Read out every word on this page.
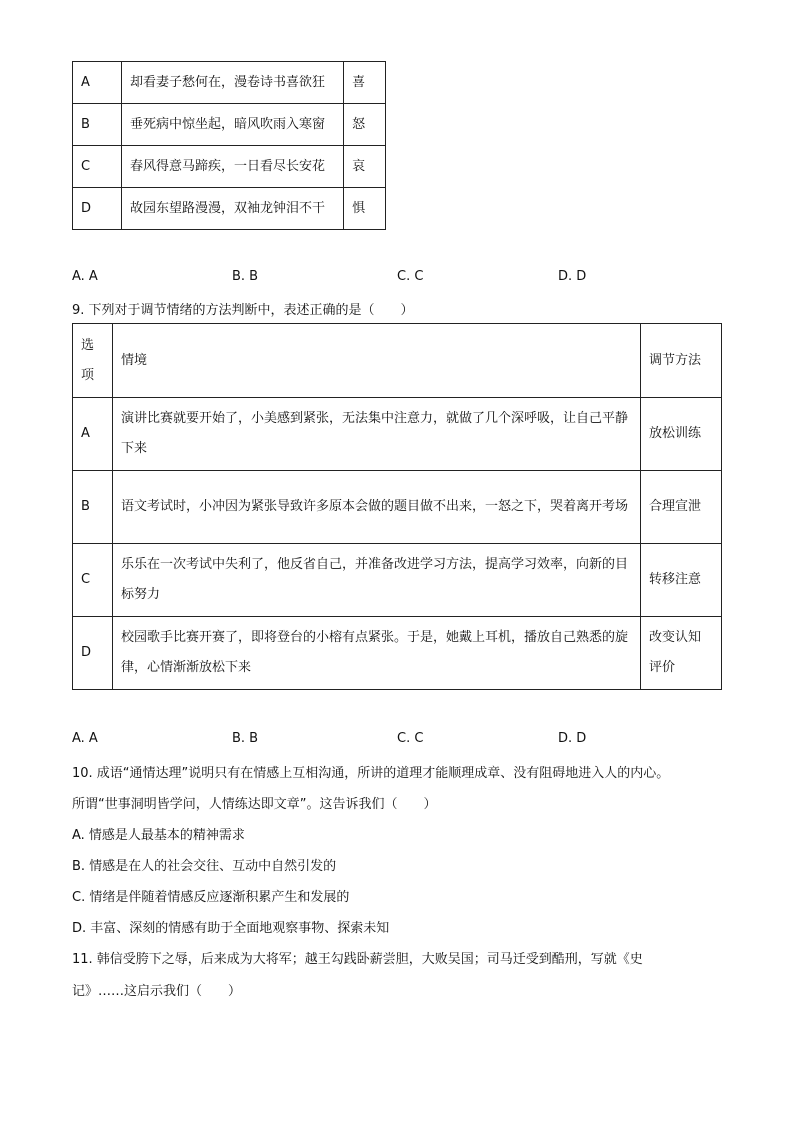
A	却看妻子愁何在，漫卷诗书喜欲狂	喜
B	垂死病中惊坐起，暗风吹雨入寒窗	怒
C	春风得意马蹄疾，一日看尽长安花	哀
D	故园东望路漫漫，双袖龙钟泪不干	惧
A. A	B. B	C. C	D. D
9. 下列对于调节情绪的方法判断中，表述正确的是（　　）
选项	情境	调节方法
A	演讲比赛就要开始了，小美感到紧张，无法集中注意力，就做了几个深呼吸，让自己平静下来	放松训练
B	语文考试时，小冲因为紧张导致许多原本会做的题目做不出来，一怒之下，哭着离开考场	合理宣泄
C	乐乐在一次考试中失利了，他反省自己，并准备改进学习方法，提高学习效率，向新的目标努力	转移注意
D	校园歌手比赛开赛了，即将登台的小榕有点紧张。于是，她戴上耳机，播放自己熟悉的旋律，心情渐渐放松下来	改变认知评价
A. A	B. B	C. C	D. D
10. 成语“通情达理”说明只有在情感上互相沟通，所讲的道理才能顺理成章、没有阻碍地进入人的内心。
所谓“世事洞明皆学问，人情练达即文章”。这告诉我们（　　）
A. 情感是人最基本的精神需求
B. 情感是在人的社会交往、互动中自然引发的
C. 情绪是伴随着情感反应逐渐积累产生和发展的
D. 丰富、深刻的情感有助于全面地观察事物、探索未知
11. 韩信受胯下之辱，后来成为大将军；越王勾践卧薪尝胆，大败吴国；司马迁受到酷刑，写就《史
记》……这启示我们（　　）
